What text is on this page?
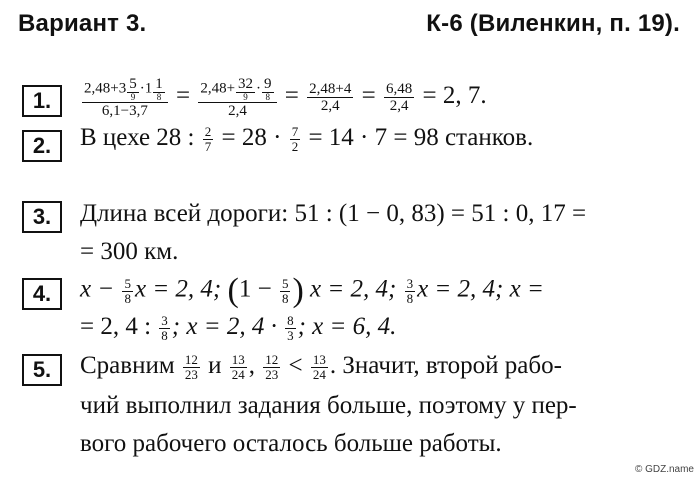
Вариант 3.	К-6 (Виленкин, п. 19).
1.	2,48+3 5
9
·1 1
8
6,1−3,7 = 2,48+ 32
9
· 9
8
$2,4 = \frac{2,48+4}{2,4} = \frac{6,48}{2,4} = 2$, 7.
2.	В цехе 28 : $\frac{2}{7} = 28 \cdot \frac{7}{2} = 14 \cdot 7 = 98$ станков.
3.	Длина всей дороги: 51 : (1 − 0, 83) = 51 : 0, 17 =
= 300 км.
4.	$x - \frac{5}{8}$ x = 2, 4; ($1 - \frac{5}{8}$ ) x = 2, 4; $\frac{3}{8}$ x = 2, 4; x =
= 2, 4 : $\frac{3}{8}$ ; x = 2, $4 \cdot \frac{8}{3}$ ; x = 6, 4.
5.	Сравним $\frac{12}{23}$ и $\frac{13}{24}$ , $\frac{12}{23} < \frac{13}{24}$ . Значит, второй рабо-
чий выполнил задания больше, поэтому у пер-
вого рабочего осталось больше работы.
© GDZ.name
